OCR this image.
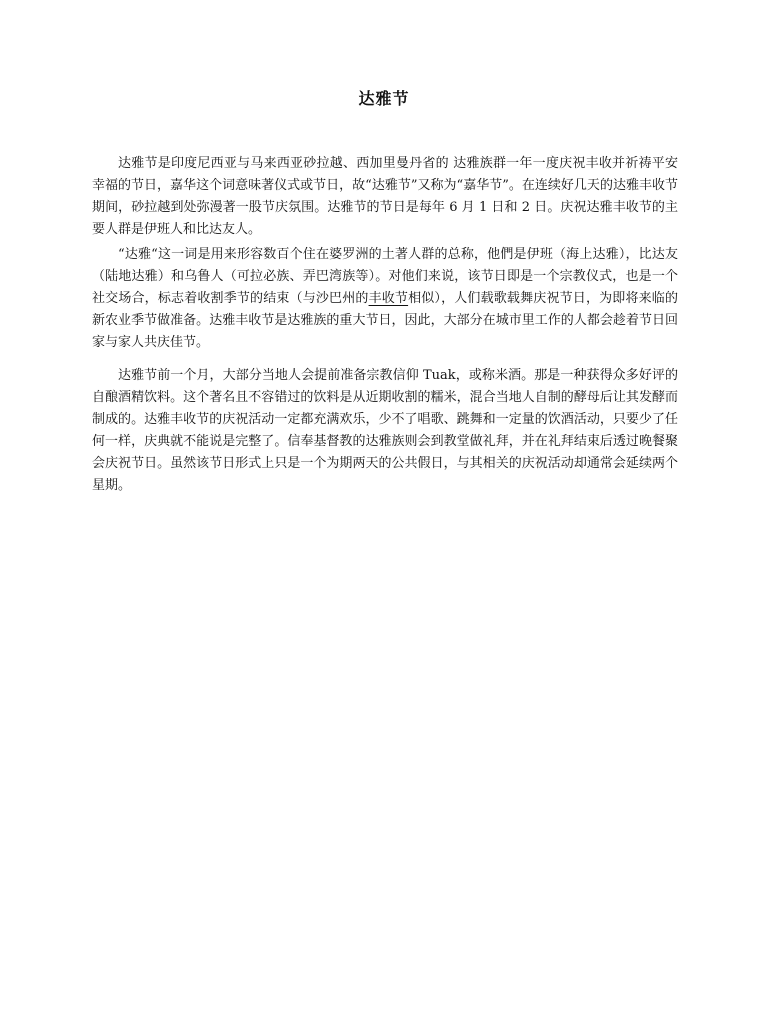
达雅节

达雅节是印度尼西亚与马来西亚砂拉越、西加里曼丹省的 达雅族群一年一度庆祝丰收并祈祷平安幸福的节日，嘉华这个词意味著仪式或节日，故“达雅节”又称为“嘉华节”。在连续好几天的达雅丰收节期间，砂拉越到处弥漫著一股节庆氛围。达雅节的节日是每年 6 月 1 日和 2 日。庆祝达雅丰收节的主要人群是伊班人和比达友人。

“达雅“这一词是用来形容数百个住在婆罗洲的土著人群的总称，他們是伊班（海上达雅），比达友（陆地达雅）和乌鲁人（可拉必族、弄巴湾族等）。对他们来说，该节日即是一个宗教仪式，也是一个社交场合，标志着收割季节的结束（与沙巴州的丰收节相似），人们载歌载舞庆祝节日，为即将来临的新农业季节做准备。达雅丰收节是达雅族的重大节日，因此，大部分在城市里工作的人都会趁着节日回家与家人共庆佳节。

达雅节前一个月，大部分当地人会提前准备宗教信仰 Tuak，或称米酒。那是一种获得众多好评的自酿酒精饮料。这个著名且不容错过的饮料是从近期收割的糯米，混合当地人自制的酵母后让其发酵而制成的。达雅丰收节的庆祝活动一定都充满欢乐，少不了唱歌、跳舞和一定量的饮酒活动，只要少了任何一样，庆典就不能说是完整了。信奉基督教的达雅族则会到教堂做礼拜，并在礼拜结束后透过晚餐聚会庆祝节日。虽然该节日形式上只是一个为期两天的公共假日，与其相关的庆祝活动却通常会延续两个星期。
